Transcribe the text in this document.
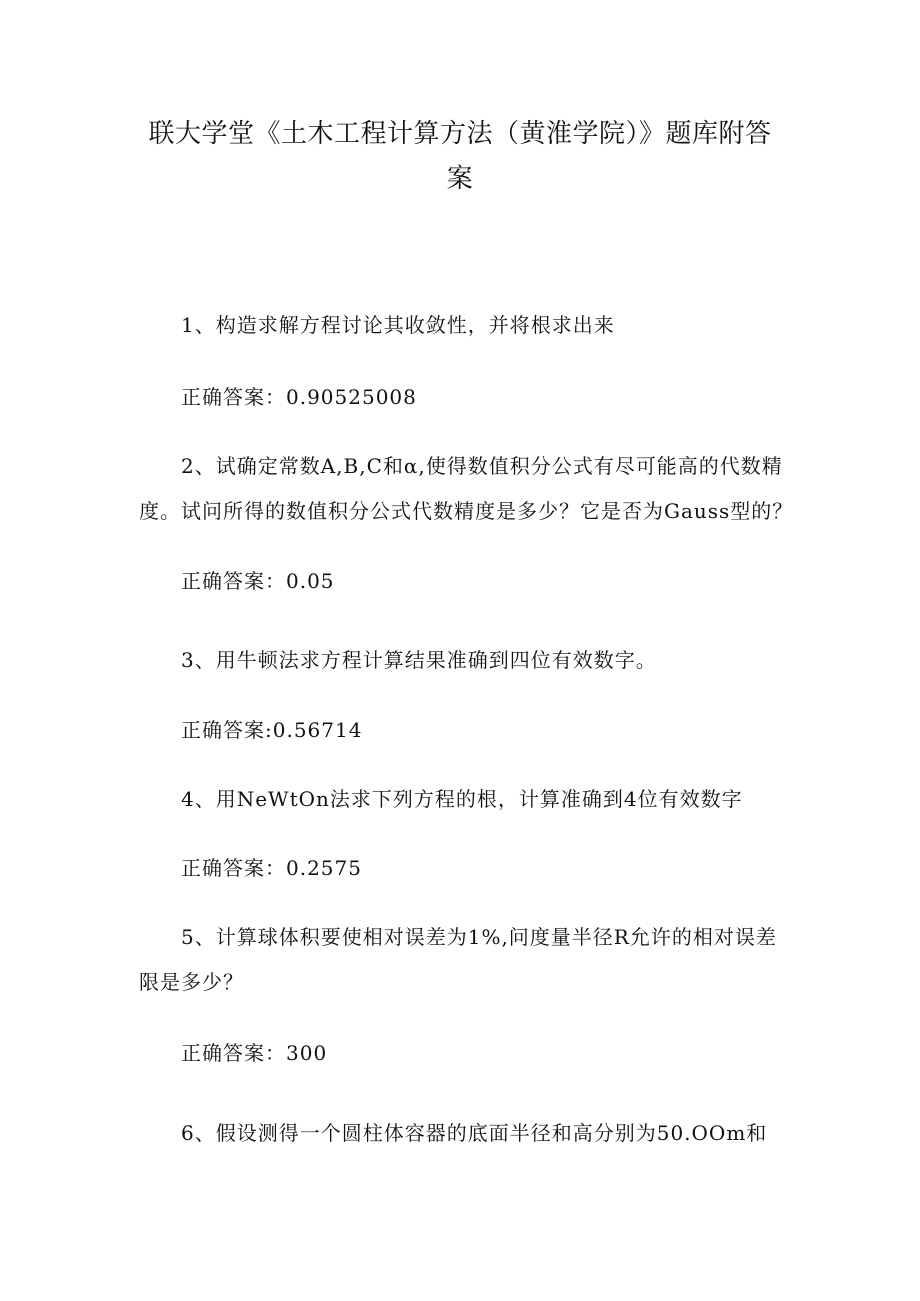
联大学堂《土木工程计算方法（黄淮学院）》题库附答
案

1、构造求解方程讨论其收敛性，并将根求出来

正确答案：0.90525008

2、试确定常数A,B,C和α,使得数值积分公式有尽可能高的代数精
度。试问所得的数值积分公式代数精度是多少？它是否为Gauss型的？

正确答案：0.05

3、用牛顿法求方程计算结果准确到四位有效数字。

正确答案:0.56714

4、用NeWtOn法求下列方程的根，计算准确到4位有效数字

正确答案：0.2575

5、计算球体积要使相对误差为1%,问度量半径R允许的相对误差
限是多少？

正确答案：300

6、假设测得一个圆柱体容器的底面半径和高分别为50.OOm和
